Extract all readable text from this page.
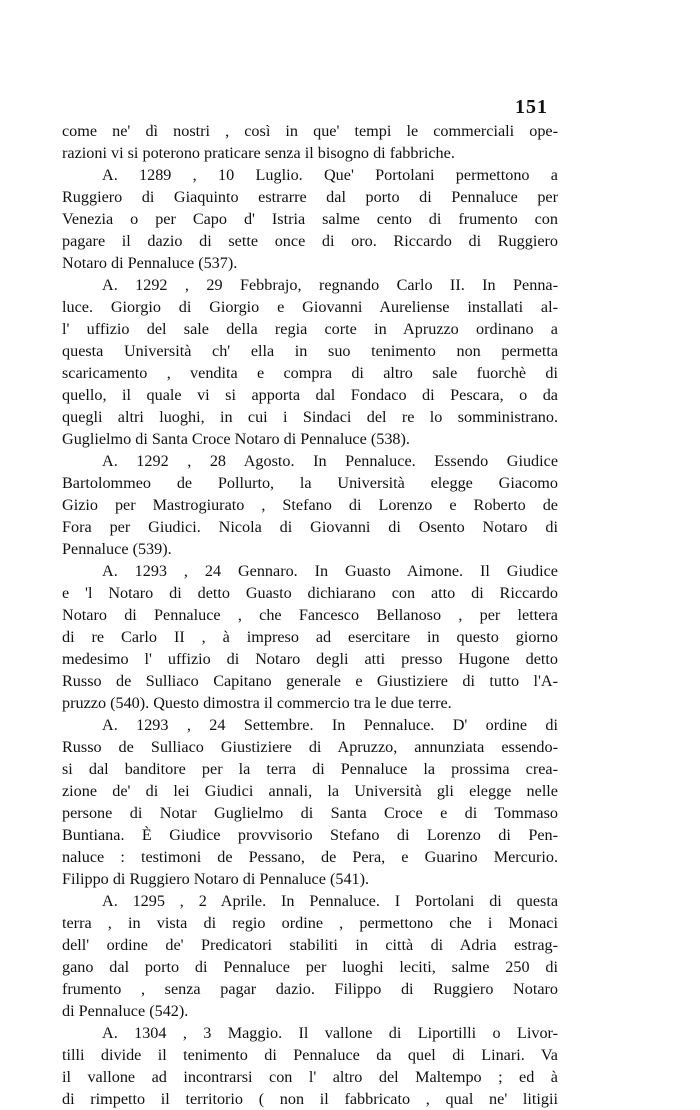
151
come ne' dì nostri , così in que' tempi le commerciali ope-
razioni vi si poterono praticare senza il bisogno di fabbriche.
A. 1289 , 10 Luglio. Que' Portolani permettono a
Ruggiero di Giaquinto estrarre dal porto di Pennaluce per
Venezia o per Capo d' Istria salme cento di frumento con
pagare il dazio di sette once di oro. Riccardo di Ruggiero
Notaro di Pennaluce (537).
A. 1292 , 29 Febbrajo, regnando Carlo II. In Penna-
luce. Giorgio di Giorgio e Giovanni Aureliense installati al-
l' uffizio del sale della regia corte in Apruzzo ordinano a
questa Università ch' ella in suo tenimento non permetta
scaricamento , vendita e compra di altro sale fuorchè di
quello, il quale vi si apporta dal Fondaco di Pescara, o da
quegli altri luoghi, in cui i Sindaci del re lo somministrano.
Guglielmo di Santa Croce Notaro di Pennaluce (538).
A. 1292 , 28 Agosto. In Pennaluce. Essendo Giudice
Bartolommeo de Pollurto, la Università elegge Giacomo
Gizio per Mastrogiurato , Stefano di Lorenzo e Roberto de
Fora per Giudici. Nicola di Giovanni di Osento Notaro di
Pennaluce (539).
A. 1293 , 24 Gennaro. In Guasto Aimone. Il Giudice
e 'l Notaro di detto Guasto dichiarano con atto di Riccardo
Notaro di Pennaluce , che Fancesco Bellanoso , per lettera
di re Carlo II , à impreso ad esercitare in questo giorno
medesimo l' uffizio di Notaro degli atti presso Hugone detto
Russo de Sulliaco Capitano generale e Giustiziere di tutto l'A-
pruzzo (540). Questo dimostra il commercio tra le due terre.
A. 1293 , 24 Settembre. In Pennaluce. D' ordine di
Russo de Sulliaco Giustiziere di Apruzzo, annunziata essendo-
si dal banditore per la terra di Pennaluce la prossima crea-
zione de' di lei Giudici annali, la Università gli elegge nelle
persone di Notar Guglielmo di Santa Croce e di Tommaso
Buntiana. È Giudice provvisorio Stefano di Lorenzo di Pen-
naluce : testimoni de Pessano, de Pera, e Guarino Mercurio.
Filippo di Ruggiero Notaro di Pennaluce (541).
A. 1295 , 2 Aprile. In Pennaluce. I Portolani di questa
terra , in vista di regio ordine , permettono che i Monaci
dell' ordine de' Predicatori stabiliti in città di Adria estrag-
gano dal porto di Pennaluce per luoghi leciti, salme 250 di
frumento , senza pagar dazio. Filippo di Ruggiero Notaro
di Pennaluce (542).
A. 1304 , 3 Maggio. Il vallone di Liportilli o Livor-
tilli divide il tenimento di Pennaluce da quel di Linari. Va
il vallone ad incontrarsi con l' altro del Maltempo ; ed à
di rimpetto il territorio ( non il fabbricato , qual ne' litigii
